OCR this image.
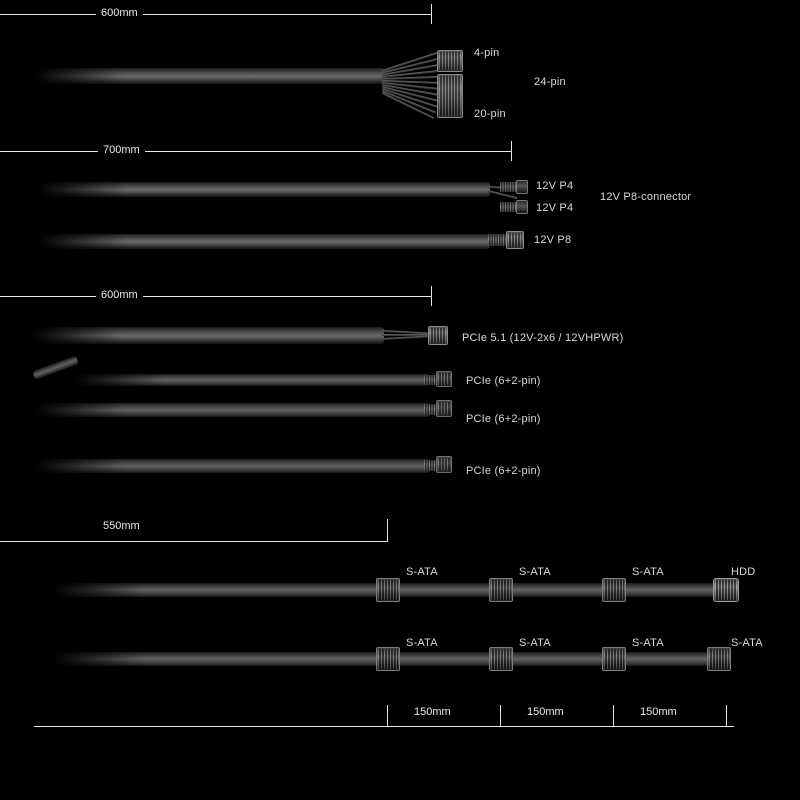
600mm
4-pin
20-pin
24-pin
700mm
12V P4
12V P4
12V P8-connector
12V P8
600mm
PCIe 5.1 (12V-2x6 / 12VHPWR)
PCIe (6+2-pin)
PCIe (6+2-pin)
PCIe (6+2-pin)
550mm
S-ATA	S-ATA	S-ATA	HDD
S-ATA	S-ATA	S-ATA	S-ATA
150mm	150mm	150mm
